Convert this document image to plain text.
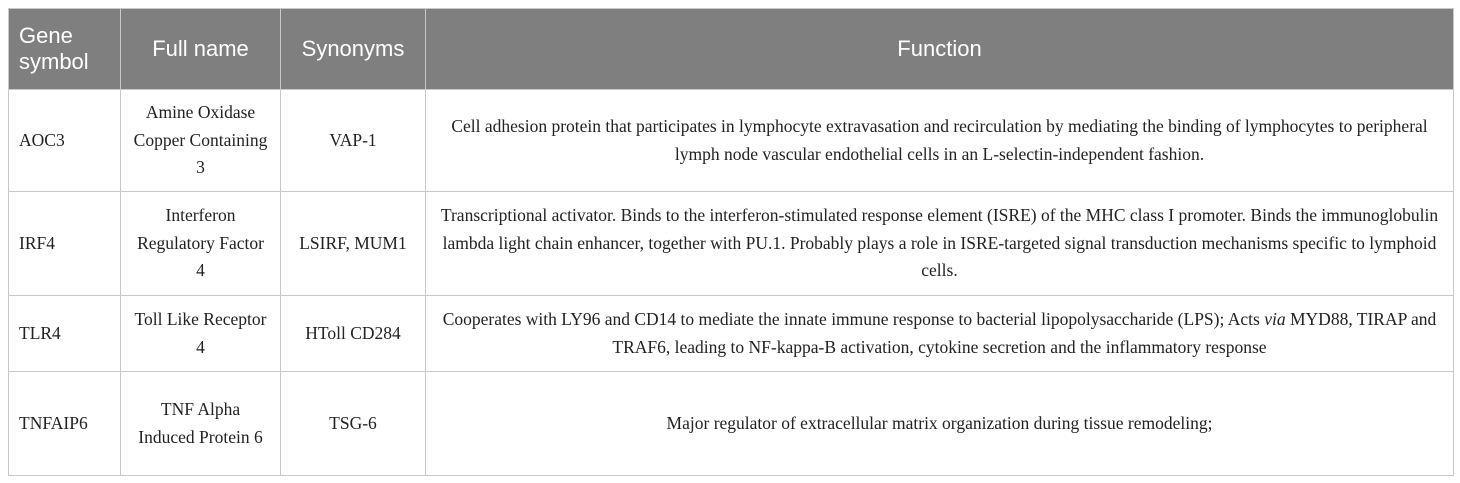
Gene symbol	Full name	Synonyms	Function
AOC3	Amine Oxidase Copper Containing 3	VAP-1	Cell adhesion protein that participates in lymphocyte extravasation and recirculation by mediating the binding of lymphocytes to peripheral lymph node vascular endothelial cells in an L-selectin-independent fashion.
IRF4	Interferon Regulatory Factor 4	LSIRF, MUM1	Transcriptional activator. Binds to the interferon-stimulated response element (ISRE) of the MHC class I promoter. Binds the immunoglobulin lambda light chain enhancer, together with PU.1. Probably plays a role in ISRE-targeted signal transduction mechanisms specific to lymphoid cells.
TLR4	Toll Like Receptor 4	HToll CD284	Cooperates with LY96 and CD14 to mediate the innate immune response to bacterial lipopolysaccharide (LPS); Acts via MYD88, TIRAP and TRAF6, leading to NF-kappa-B activation, cytokine secretion and the inflammatory response
TNFAIP6	TNF Alpha Induced Protein 6	TSG-6	Major regulator of extracellular matrix organization during tissue remodeling;
